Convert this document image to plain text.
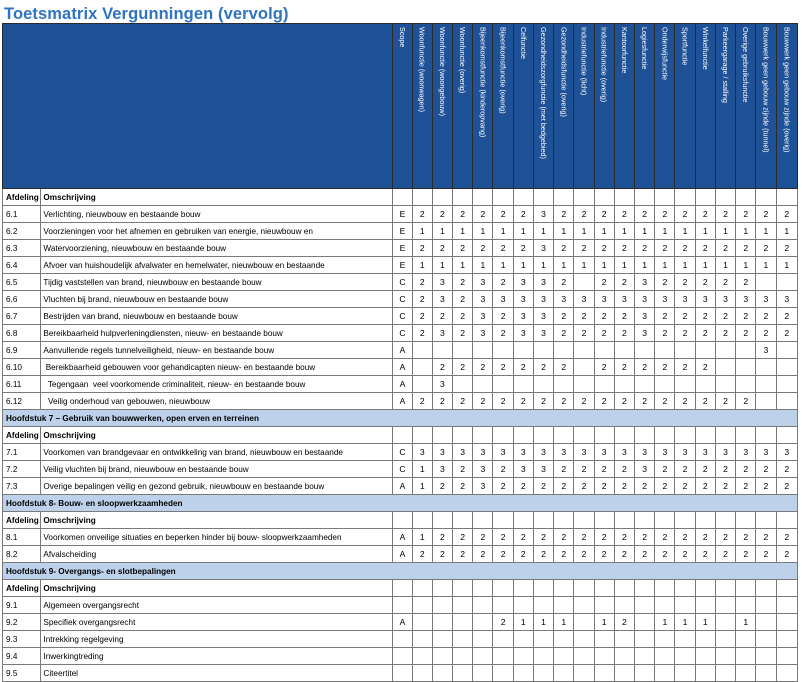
Toetsmatrix Vergunningen (vervolg)

		Scope	Woonfunctie (woonwagen)	Woonfunctie (woongebouw)	Woonfunctie (overig)	Bijeenkomstfunctie (kinderopvang)	Bijeenkomstfunctie (overig)	Celfunctie	Gezondheidszorgfunctie (met bedgebied)	Gezondheidsfunctie (overig)	Industriefunctie (licht)	Industriefunctie (overig)	Kantoorfunctie	Logiesfunctie	Onderwijsfunctie	Sportfunctie	Winkelfunctie	Parkeergarage / stalling	Overige gebruiksfunctie	Bouwwerk geen gebouw zijnde (tunnel)	Bouwwerk geen gebouw zijnde (overig)

Afdeling	Omschrijving																				
6.1	Verlichting, nieuwbouw en bestaande bouw	E	2	2	2	2	2	2	3	2	2	2	2	2	2	2	2	2	2	2	2
6.2	Voorzieningen voor het afnemen en gebruiken van energie, nieuwbouw en	E	1	1	1	1	1	1	1	1	1	1	1	1	1	1	1	1	1	1	1
6.3	Watervoorziening, nieuwbouw en bestaande bouw	E	2	2	2	2	2	2	3	2	2	2	2	2	2	2	2	2	2	2	2
6.4	Afvoer van huishoudelijk afvalwater en hemelwater, nieuwbouw en bestaande	E	1	1	1	1	1	1	1	1	1	1	1	1	1	1	1	1	1	1	1
6.5	Tijdig vaststellen van brand, nieuwbouw en bestaande bouw	C	2	3	2	3	2	3	3	2		2	2	3	2	2	2	2	2		
6.6	Vluchten bij brand, nieuwbouw en bestaande bouw	C	2	3	2	3	3	3	3	3	3	3	3	3	3	3	3	3	3	3	3
6.7	Bestrijden van brand, nieuwbouw en bestaande bouw	C	2	2	2	3	2	3	3	2	2	2	2	3	2	2	2	2	2	2	2
6.8	Bereikbaarheid hulpverleningdiensten, nieuw- en bestaande bouw	C	2	3	2	3	2	3	3	2	2	2	2	3	2	2	2	2	2	2	2
6.9	Aanvullende regels tunnelveiligheid, nieuw- en bestaande bouw	A																		3	
6.10	Bereikbaarheid gebouwen voor gehandicapten nieuw- en bestaande bouw	A		2	2	2	2	2	2	2		2	2	2	2	2	2				
6.11	Tegengaan  veel voorkomende criminaliteit, nieuw- en bestaande bouw	A		3																	
6.12	Veilig onderhoud van gebouwen, nieuwbouw	A	2	2	2	2	2	2	2	2	2	2	2	2	2	2	2	2	2		
Hoofdstuk 7 – Gebruik van bouwwerken, open erven en terreinen																					
Afdeling	Omschrijving																				
7.1	Voorkomen van brandgevaar en ontwikkeling van brand, nieuwbouw en bestaande	C	3	3	3	3	3	3	3	3	3	3	3	3	3	3	3	3	3	3	3
7.2	Veilig vluchten bij brand, nieuwbouw en bestaande bouw	C	1	3	2	3	2	3	3	2	2	2	2	3	2	2	2	2	2	2	2
7.3	Overige bepalingen veilig en gezond gebruik, nieuwbouw en bestaande bouw	A	1	2	2	3	2	2	2	2	2	2	2	2	2	2	2	2	2	2	2
Hoofdstuk 8- Bouw- en sloopwerkzaamheden																					
Afdeling	Omschrijving																				
8.1	Voorkomen onveilige situaties en beperken hinder bij bouw- sloopwerkzaamheden	A	1	2	2	2	2	2	2	2	2	2	2	2	2	2	2	2	2	2	2
8.2	Afvalscheiding	A	2	2	2	2	2	2	2	2	2	2	2	2	2	2	2	2	2	2	2
Hoofdstuk 9- Overgangs- en slotbepalingen																					
Afdeling	Omschrijving																				
9.1	Algemeen overgangsrecht																				
9.2	Specifiek overgangsrecht	A					2	1	1	1		1	2		1	1	1		1		
9.3	Intrekking regelgeving																				
9.4	Inwerkingtreding																				
9.5	Citeertitel																				
